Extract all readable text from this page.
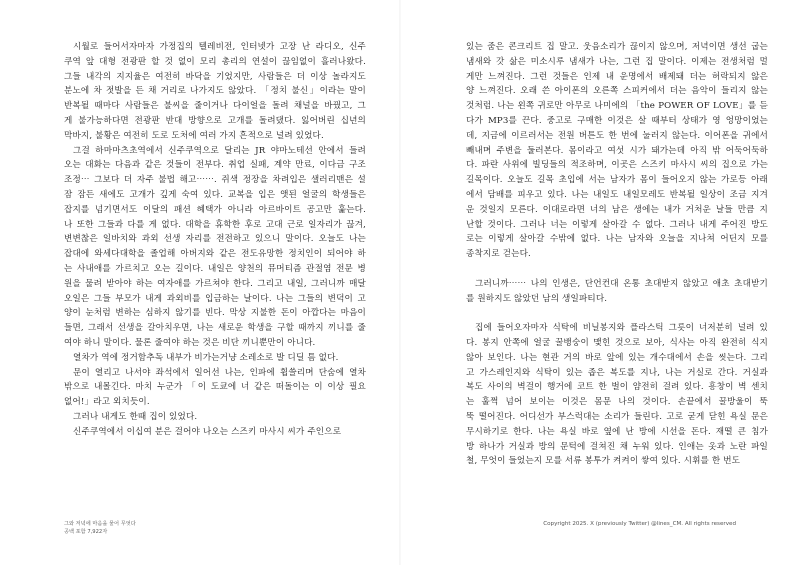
시월로 들어서자마자 가정집의 텔레비전, 인터넷가 고장 난 라디오, 신주
쿠역 앞 대형 전광판 할 것 없이 모리 총리의 연설이 끊임없이 흘러나왔다.
그들 내각의 지지율은 여전히 바닥을 기었지만, 사람들은 더 이상 놀라지도
분노에 차 젓발을 든 채 거리로 나가지도 않았다. 「정치 불신」이라는 말이
반복될 때마다 사람들은 불씨을 줄이거나 다이얼을 돌려 채널을 바꿨고, 그
게 불가능하다면 전광판 반대 방향으로 고개를 돌려댔다. 잃어버린 십년의
막바지, 불황은 여전히 도로 도처에 여러 가지 흔적으로 널려 있었다.
그걸 하마마츠초역에서 신주쿠역으로 달리는 JR 야마노테선 안에서 들려
오는 대화는 다음과 같은 것들이 전부다. 취업 실패, 계약 만료, 이다금 구조
조정⋯ 그보다 더 자주 불법 해고⋯⋯. 쥐색 정장을 차려입은 샐러리맨은 설
잠 잠든 새에도 고개가 깊게 숙여 있다. 교복을 입은 앳된 얼굴의 학생들은
잡지를 넘기면서도 이달의 패션 혜택가 아니라 아르바이트 공고만 훑는다.
나 또한 그들과 다를 게 없다. 대학을 휴학한 후로 고대 근로 일자리가 끊겨,
변변찮은 일바치와 과외 선생 자리를 전전하고 있으니 말이다. 오늘도 나는
잡대에 와세다대학을 졸업해 아버지와 같은 전도유망한 정치인이 되어야 하
는 사내애를 가르치고 오는 길이다. 내일은 양천의 뮤머티즘 관절염 전문 병
원을 물려 받아야 하는 여자애를 가르쳐야 한다. 그리고 내일, 그러니까 매달
오일은 그들 부모가 내게 과외비를 입금하는 날이다. 나는 그들의 변덕이 고
양이 눈처럼 변하는 심하지 않기를 빈다. 막상 지불한 돈이 아깝다는 마음이
들면, 그래서 선생을 갈아치우면, 나는 새로운 학생을 구할 때까지 끼니를 줄
여야 하니 말이다. 물론 줄여야 하는 것은 비단 끼니뿐만이 아니다.
열차가 역에 정거함추독 내부가 비가는거냥 소레소로 발 디딜 틈 없다.
문이 열리고 나서야 좌석에서 일어선 나는, 인파에 휩쓸리며 단숨에 열차
밖으로 내몰긴다. 마치 누군가 「이 도쿄에 너 같은 떠돌이는 이 이상 필요
없어!」라고 외치듯이.
그러나 내게도 한때 집이 있었다.
신주쿠역에서 이십여 분은 걸어야 나오는 스즈키 마사시 씨가 주인으로
그와 저녁에 마음을 물어 무엇다
공백 포함 7,922자
Copyright 2025. X (previously Twitter) @lines_CM. All rights reserved
있는 줌은 콘크리트 집 말고. 웃음소리가 끊이지 않으며, 저녁이면 생선 굽는
냄새와 갓 삶은 미소시루 냄새가 나는, 그런 집 말이다. 이제는 전생처럼 멀
게만 느껴진다. 그런 것들은 인제 내 운명에서 배제돼 더는 허락되지 않은
양 느껴진다. 오래 쓴 아이폰의 오른쪽 스피커에서 더는 음악이 들리지 않는
것처럼. 나는 왼쪽 귀로만 아무로 나미에의 「the POWER OF LOVE」를 듣
다가 MP3를 끈다. 중고로 구매한 이것은 살 때부터 상태가 영 엉망이었는
데, 지금에 이르러서는 전원 버튼도 한 번에 눌러지 않는다. 이어폰을 귀에서
빼내며 주변을 둘러본다. 몸이라고 여섯 시가 돼가는데 아직 밖 어둑어둑하
다. 파란 사위에 빌딩들의 적조하며, 이곳은 스즈키 마사시 씨의 집으로 가는
길목이다. 오늘도 길목 초입에 서는 남자가 몸이 들어오지 않는 가로등 아래
에서 담배를 피우고 있다. 나는 내일도 내일모레도 반복될 일상이 조금 지겨
운 것일지 모른다. 이대로라면 너의 남은 생에는 내가 거처운 날들 만큼 지
난할 것이다. 그러나 너는 이렇게 살아갈 수 없다. 그러나 내게 주어진 방도
로는 이렇게 살아갈 수밖에 없다. 나는 남자와 오늘을 지나쳐 어딘지 모를
종착지로 걷는다.
그러니까⋯⋯ 나의 인생은, 단언컨대 온통 초대받지 않았고 애초 초대받기
를 원하지도 않았던 남의 생일파티다.
집에 들어오자마자 식탁에 비닐봉지와 플라스틱 그릇이 너저분히 널려 있
다. 봉지 안쪽에 얼굴 꿀뱅숭이 맺힌 것으로 보아, 식사는 아직 완전히 식지
않아 보인다. 나는 현관 거의 바로 앞에 있는 개수대에서 손을 씻는다. 그리
고 가스레인지와 식탁이 있는 좁은 복도를 지나, 나는 거실로 간다. 거실과
복도 사이의 벽걸이 행거에 코트 한 벌이 얌전히 걸려 있다. 흥창이 벽 센치
는 훌쩍 넘어 보이는 이것은 몸문 나의 것이다. 손끝에서 꿀방울이 뚝
뚝 떨어진다. 어디선가 부스럭대는 소리가 들린다. 고로 굳게 닫힌 욕실 문은
무시하기로 한다. 나는 욕실 바로 옆에 난 방에 시선을 돈다. 재떨 큰 침가
방 하나가 거실과 방의 문턱에 걸쳐진 채 누워 있다. 인애는 옷과 노란 파일
철, 무엇이 들었는지 모를 서류 봉투가 켜켜이 쌓여 있다. 시휘를 한 번도
